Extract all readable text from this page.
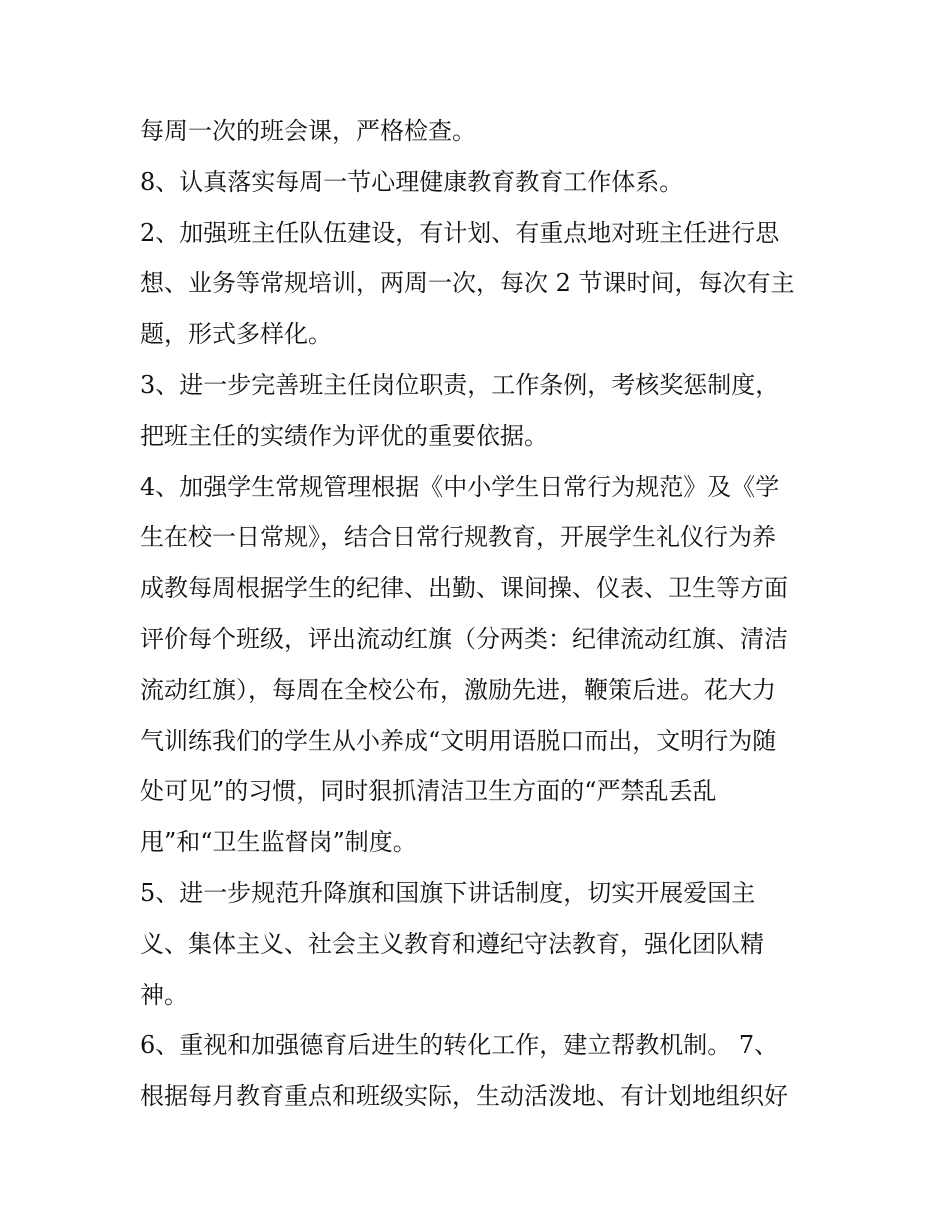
每周一次的班会课，严格检查。
8、认真落实每周一节心理健康教育教育工作体系。
2、加强班主任队伍建设，有计划、有重点地对班主任进行思
想、业务等常规培训，两周一次，每次 2 节课时间，每次有主
题，形式多样化。
3、进一步完善班主任岗位职责，工作条例，考核奖惩制度，
把班主任的实绩作为评优的重要依据。
4、加强学生常规管理根据《中小学生日常行为规范》及《学
生在校一日常规》，结合日常行规教育，开展学生礼仪行为养
成教每周根据学生的纪律、出勤、课间操、仪表、卫生等方面
评价每个班级，评出流动红旗（分两类：纪律流动红旗、清洁
流动红旗），每周在全校公布，激励先进，鞭策后进。花大力
气训练我们的学生从小养成“文明用语脱口而出，文明行为随
处可见”的习惯，同时狠抓清洁卫生方面的“严禁乱丢乱
甩”和“卫生监督岗”制度。
5、进一步规范升降旗和国旗下讲话制度，切实开展爱国主
义、集体主义、社会主义教育和遵纪守法教育，强化团队精
神。
6、重视和加强德育后进生的转化工作，建立帮教机制。 7、
根据每月教育重点和班级实际，生动活泼地、有计划地组织好
